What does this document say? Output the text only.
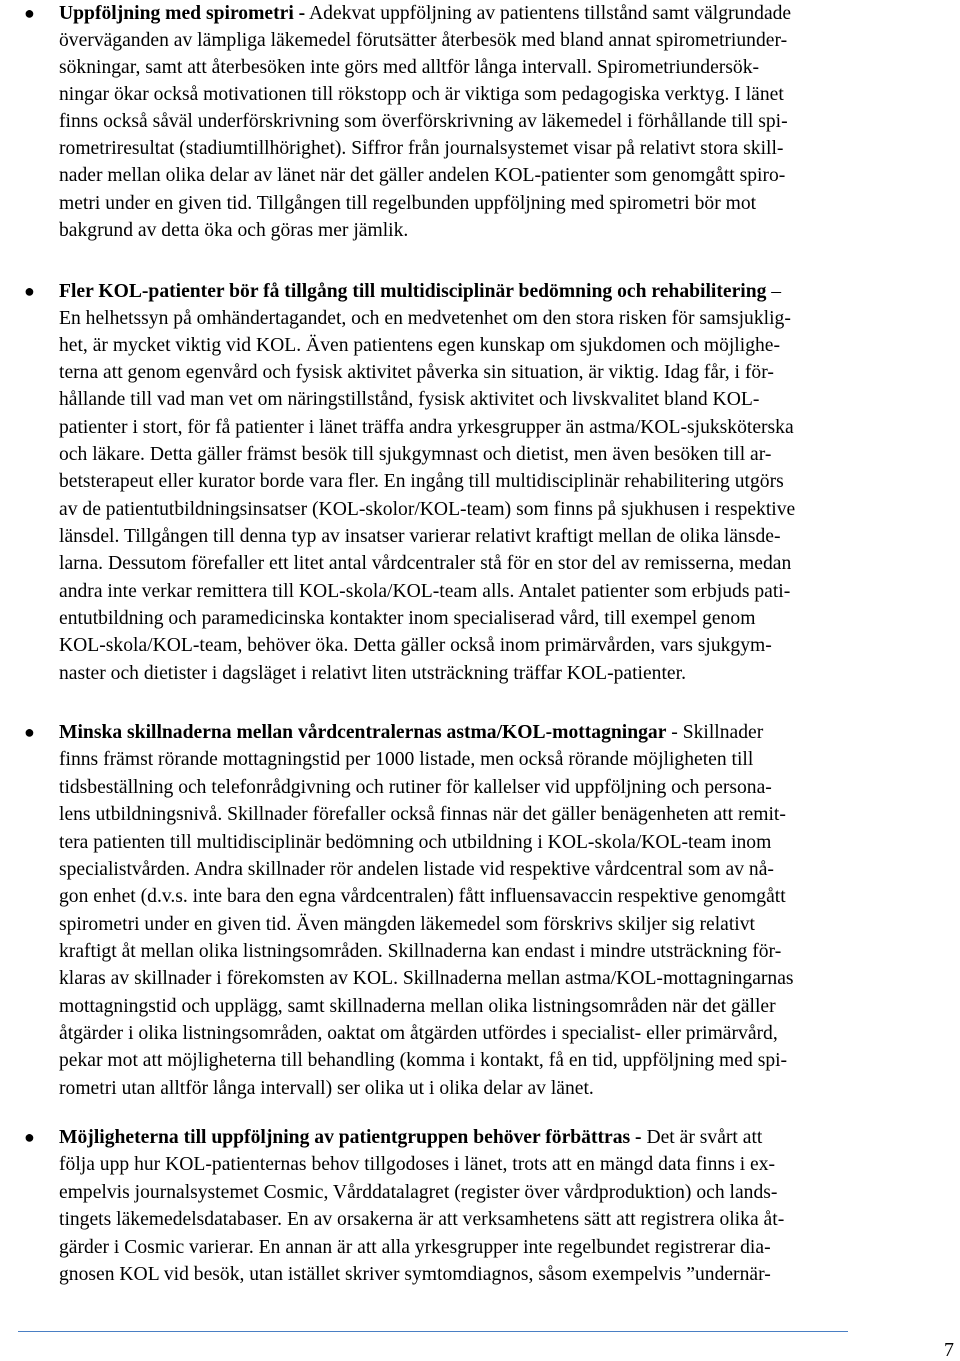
● Uppföljning med spirometri - Adekvat uppföljning av patientens tillstånd samt välgrundade
överväganden av lämpliga läkemedel förutsätter återbesök med bland annat spirometriunder-
sökningar, samt att återbesöken inte görs med alltför långa intervall. Spirometriundersök-
ningar ökar också motivationen till rökstopp och är viktiga som pedagogiska verktyg. I länet
finns också såväl underförskrivning som överförskrivning av läkemedel i förhållande till spi-
rometriresultat (stadiumtillhörighet). Siffror från journalsystemet visar på relativt stora skill-
nader mellan olika delar av länet när det gäller andelen KOL-patienter som genomgått spiro-
metri under en given tid. Tillgången till regelbunden uppföljning med spirometri bör mot
bakgrund av detta öka och göras mer jämlik.
● Fler KOL-patienter bör få tillgång till multidisciplinär bedömning och rehabilitering –
En helhetssyn på omhändertagandet, och en medvetenhet om den stora risken för samsjuklig-
het, är mycket viktig vid KOL. Även patientens egen kunskap om sjukdomen och möjlighe-
terna att genom egenvård och fysisk aktivitet påverka sin situation, är viktig. Idag får, i för-
hållande till vad man vet om näringstillstånd, fysisk aktivitet och livskvalitet bland KOL-
patienter i stort, för få patienter i länet träffa andra yrkesgrupper än astma/KOL-sjuksköterska
och läkare. Detta gäller främst besök till sjukgymnast och dietist, men även besöken till ar-
betsterapeut eller kurator borde vara fler. En ingång till multidisciplinär rehabilitering utgörs
av de patientutbildningsinsatser (KOL-skolor/KOL-team) som finns på sjukhusen i respektive
länsdel. Tillgången till denna typ av insatser varierar relativt kraftigt mellan de olika länsde-
larna. Dessutom förefaller ett litet antal vårdcentraler stå för en stor del av remisserna, medan
andra inte verkar remittera till KOL-skola/KOL-team alls. Antalet patienter som erbjuds pati-
entutbildning och paramedicinska kontakter inom specialiserad vård, till exempel genom
KOL-skola/KOL-team, behöver öka. Detta gäller också inom primärvården, vars sjukgym-
naster och dietister i dagsläget i relativt liten utsträckning träffar KOL-patienter.
● Minska skillnaderna mellan vårdcentralernas astma/KOL-mottagningar - Skillnader
finns främst rörande mottagningstid per 1000 listade, men också rörande möjligheten till
tidsbeställning och telefonrådgivning och rutiner för kallelser vid uppföljning och persona-
lens utbildningsnivå. Skillnader förefaller också finnas när det gäller benägenheten att remit-
tera patienten till multidisciplinär bedömning och utbildning i KOL-skola/KOL-team inom
specialistvården. Andra skillnader rör andelen listade vid respektive vårdcentral som av nå-
gon enhet (d.v.s. inte bara den egna vårdcentralen) fått influensavaccin respektive genomgått
spirometri under en given tid. Även mängden läkemedel som förskrivs skiljer sig relativt
kraftigt åt mellan olika listningsområden. Skillnaderna kan endast i mindre utsträckning för-
klaras av skillnader i förekomsten av KOL. Skillnaderna mellan astma/KOL-mottagningarnas
mottagningstid och upplägg, samt skillnaderna mellan olika listningsområden när det gäller
åtgärder i olika listningsområden, oaktat om åtgärden utfördes i specialist- eller primärvård,
pekar mot att möjligheterna till behandling (komma i kontakt, få en tid, uppföljning med spi-
rometri utan alltför långa intervall) ser olika ut i olika delar av länet.
● Möjligheterna till uppföljning av patientgruppen behöver förbättras - Det är svårt att
följa upp hur KOL-patienternas behov tillgodoses i länet, trots att en mängd data finns i ex-
empelvis journalsystemet Cosmic, Vårddatalagret (register över vårdproduktion) och lands-
tingets läkemedelsdatabaser. En av orsakerna är att verksamhetens sätt att registrera olika åt-
gärder i Cosmic varierar. En annan är att alla yrkesgrupper inte regelbundet registrerar dia-
gnosen KOL vid besök, utan istället skriver symtomdiagnos, såsom exempelvis ”undernär-
7
